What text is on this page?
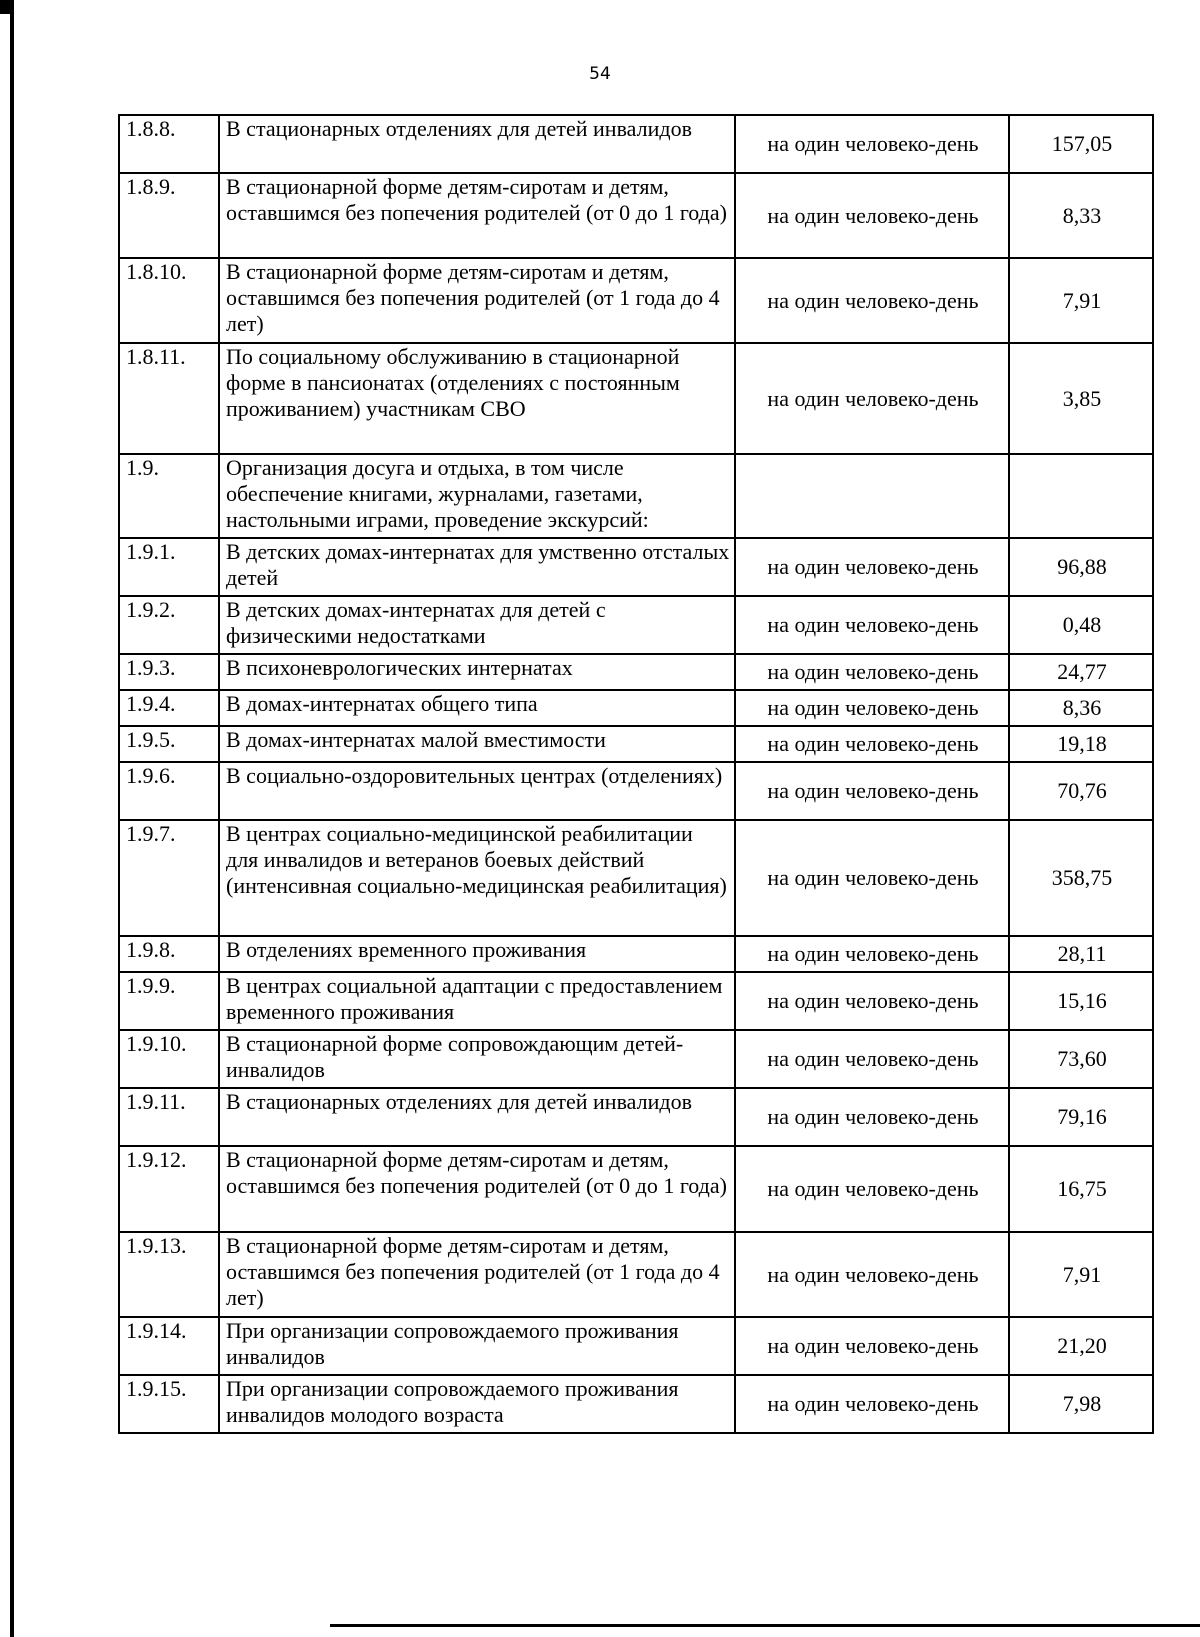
54
1.8.8.	В стационарных отделениях для детей инвалидов	на один человеко-день	157,05
1.8.9.	В стационарной форме детям-сиротам и детям, оставшимся без попечения родителей (от 0 до 1 года)	на один человеко-день	8,33
1.8.10.	В стационарной форме детям-сиротам и детям, оставшимся без попечения родителей (от 1 года до 4 лет)	на один человеко-день	7,91
1.8.11.	По социальному обслуживанию в стационарной форме в пансионатах (отделениях с постоянным проживанием) участникам СВО	на один человеко-день	3,85
1.9.	Организация досуга и отдыха, в том числе обеспечение книгами, журналами, газетами, настольными играми, проведение экскурсий:		
1.9.1.	В детских домах-интернатах для умственно отсталых детей	на один человеко-день	96,88
1.9.2.	В детских домах-интернатах для детей с физическими недостатками	на один человеко-день	0,48
1.9.3.	В психоневрологических интернатах	на один человеко-день	24,77
1.9.4.	В домах-интернатах общего типа	на один человеко-день	8,36
1.9.5.	В домах-интернатах малой вместимости	на один человеко-день	19,18
1.9.6.	В социально-оздоровительных центрах (отделениях)	на один человеко-день	70,76
1.9.7.	В центрах социально-медицинской реабилитации для инвалидов и ветеранов боевых действий (интенсивная социально-медицинская реабилитация)	на один человеко-день	358,75
1.9.8.	В отделениях временного проживания	на один человеко-день	28,11
1.9.9.	В центрах социальной адаптации с предоставлением временного проживания	на один человеко-день	15,16
1.9.10.	В стационарной форме сопровождающим детей-инвалидов	на один человеко-день	73,60
1.9.11.	В стационарных отделениях для детей инвалидов	на один человеко-день	79,16
1.9.12.	В стационарной форме детям-сиротам и детям, оставшимся без попечения родителей (от 0 до 1 года)	на один человеко-день	16,75
1.9.13.	В стационарной форме детям-сиротам и детям, оставшимся без попечения родителей (от 1 года до 4 лет)	на один человеко-день	7,91
1.9.14.	При организации сопровождаемого проживания инвалидов	на один человеко-день	21,20
1.9.15.	При организации сопровождаемого проживания инвалидов молодого возраста	на один человеко-день	7,98
